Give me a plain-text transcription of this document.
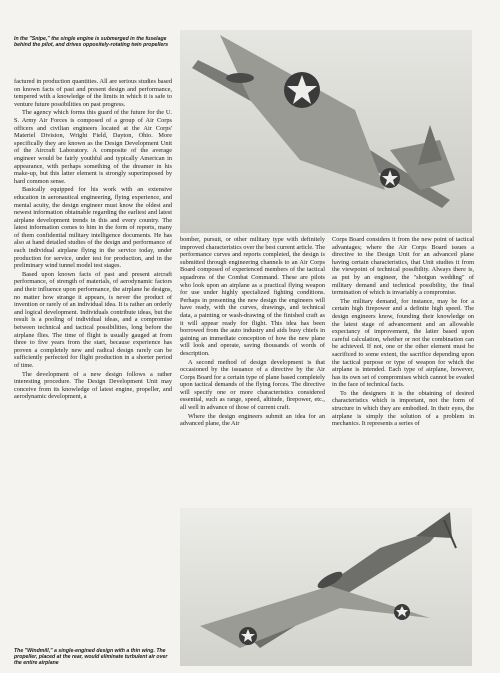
In the "Snipe," the single engine is submerged in the fuselage behind the pilot, and drives oppositely-rotating twin propellers

factured in production quantities. All are serious studies based on known facts of past and present design and performance, tempered with a knowledge of the limits in which it is safe to venture future possibilities on past progress.

The agency which forms this guard of the future for the U. S. Army Air Forces is composed of a group of Air Corps officers and civilian engineers located at the Air Corps' Materiel Division, Wright Field, Dayton, Ohio. More specifically they are known as the Design Development Unit of the Aircraft Laboratory. A composite of the average engineer would be fairly youthful and typically American in appearance, with perhaps something of the dreamer in his make-up, but this latter element is strongly superimposed by hard common sense.

Basically equipped for his work with an extensive education in aeronautical engineering, flying experience, and mental acuity, the design engineer must know the oldest and newest information obtainable regarding the earliest and latest airplane development trends in this and every country. The latest information comes to him in the form of reports, many of them confidential military intelligence documents. He has also at hand detailed studies of the design and performance of each individual airplane flying in the service today, under production for service, under test for production, and in the preliminary wind tunnel model test stages.

Based upon known facts of past and present aircraft performance, of strength of materials, of aerodynamic factors and their influence upon performance, the airplane he designs, no matter how strange it appears, is never the product of invention or rarely of an individual idea. It is rather an orderly and logical development. Individuals contribute ideas, but the result is a pooling of individual ideas, and a compromise between technical and tactical possibilities, long before the airplane flies. The time of flight is usually gauged at from three to five years from the start, because experience has proven a completely new and radical design rarely can be sufficiently perfected for flight production in a shorter period of time.

The development of a new design follows a rather interesting procedure. The Design Development Unit may conceive from its knowledge of latest engine, propeller, and aerodynamic development, a

bomber, pursuit, or other military type with definitely improved characteristics over the best current article. The performance curves and reports completed, the design is submitted through engineering channels to an Air Corps Board composed of experienced members of the tactical squadrons of the Combat Command. These are pilots who look upon an airplane as a practical flying weapon for use under highly specialized fighting conditions. Perhaps in presenting the new design the engineers will have ready, with the curves, drawings, and technical data, a painting or wash-drawing of the finished craft as it will appear ready for flight. This idea has been borrowed from the auto industry and aids busy chiefs in gaining an immediate conception of how the new plane will look and operate, saving thousands of words of description.

A second method of design development is that occasioned by the issuance of a directive by the Air Corps Board for a certain type of plane based completely upon tactical demands of the flying forces. The directive will specify one or more characteristics considered essential, such as range, speed, altitude, firepower, etc., all well in advance of those of current craft.

Where the design engineers submit an idea for an advanced plane, the Air

Corps Board considers it from the new point of tactical advantages; where the Air Corps Board issues a directive to the Design Unit for an advanced plane having certain characteristics, that Unit studies it from the viewpoint of technical possibility. Always there is, as put by an engineer, the "shotgun wedding" of military demand and technical possibility, the final termination of which is invariably a compromise.

The military demand, for instance, may be for a certain high firepower and a definite high speed. The design engineers know, founding their knowledge on the latest stage of advancement and an allowable expectancy of improvement, the latter based upon careful calculation, whether or not the combination can be achieved. If not, one or the other element must be sacrificed to some extent, the sacrifice depending upon the tactical purpose or type of weapon for which the airplane is intended. Each type of airplane, however, has its own set of compromises which cannot be evaded in the face of technical facts.

To the designers it is the obtaining of desired characteristics which is important, not the form of structure in which they are embodied. In their eyes, the airplane is simply the solution of a problem in mechanics. It represents a series of

The "Windmill," a single-engined design with a thin wing. The propeller, placed at the rear, would eliminate turbulent air over the entire airplane
